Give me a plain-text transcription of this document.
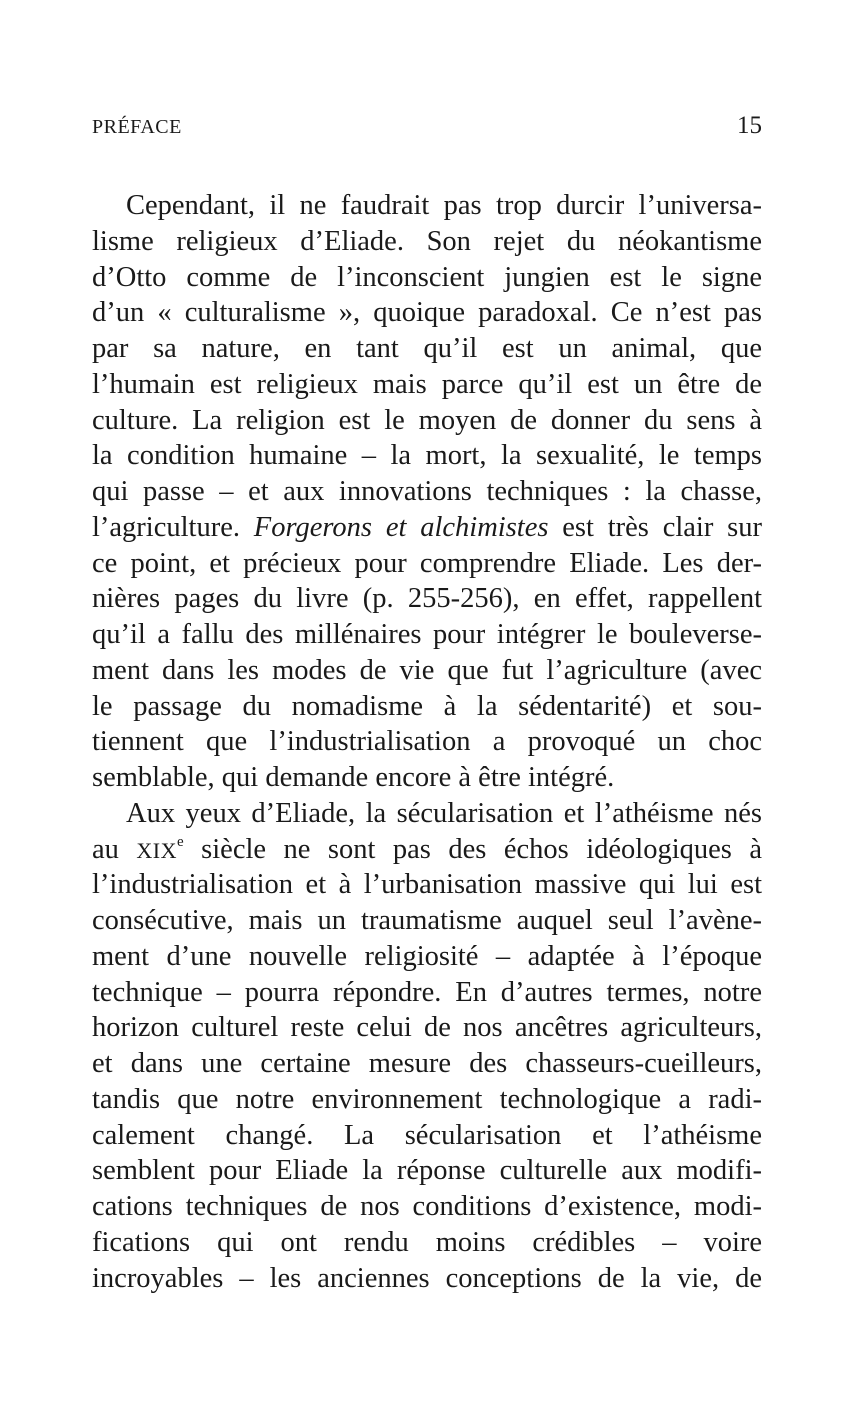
PRÉFACE	15
Cependant, il ne faudrait pas trop durcir l’universa-
lisme religieux d’Eliade. Son rejet du néokantisme
d’Otto comme de l’inconscient jungien est le signe
d’un « culturalisme », quoique paradoxal. Ce n’est pas
par sa nature, en tant qu’il est un animal, que
l’humain est religieux mais parce qu’il est un être de
culture. La religion est le moyen de donner du sens à
la condition humaine – la mort, la sexualité, le temps
qui passe – et aux innovations techniques : la chasse,
l’agriculture. Forgerons et alchimistes est très clair sur
ce point, et précieux pour comprendre Eliade. Les der-
nières pages du livre (p. 255-256), en effet, rappellent
qu’il a fallu des millénaires pour intégrer le bouleverse-
ment dans les modes de vie que fut l’agriculture (avec
le passage du nomadisme à la sédentarité) et sou-
tiennent que l’industrialisation a provoqué un choc
semblable, qui demande encore à être intégré.
Aux yeux d’Eliade, la sécularisation et l’athéisme nés
au XIXe siècle ne sont pas des échos idéologiques à
l’industrialisation et à l’urbanisation massive qui lui est
consécutive, mais un traumatisme auquel seul l’avène-
ment d’une nouvelle religiosité – adaptée à l’époque
technique – pourra répondre. En d’autres termes, notre
horizon culturel reste celui de nos ancêtres agriculteurs,
et dans une certaine mesure des chasseurs-cueilleurs,
tandis que notre environnement technologique a radi-
calement changé. La sécularisation et l’athéisme
semblent pour Eliade la réponse culturelle aux modifi-
cations techniques de nos conditions d’existence, modi-
fications qui ont rendu moins crédibles – voire
incroyables – les anciennes conceptions de la vie, de
